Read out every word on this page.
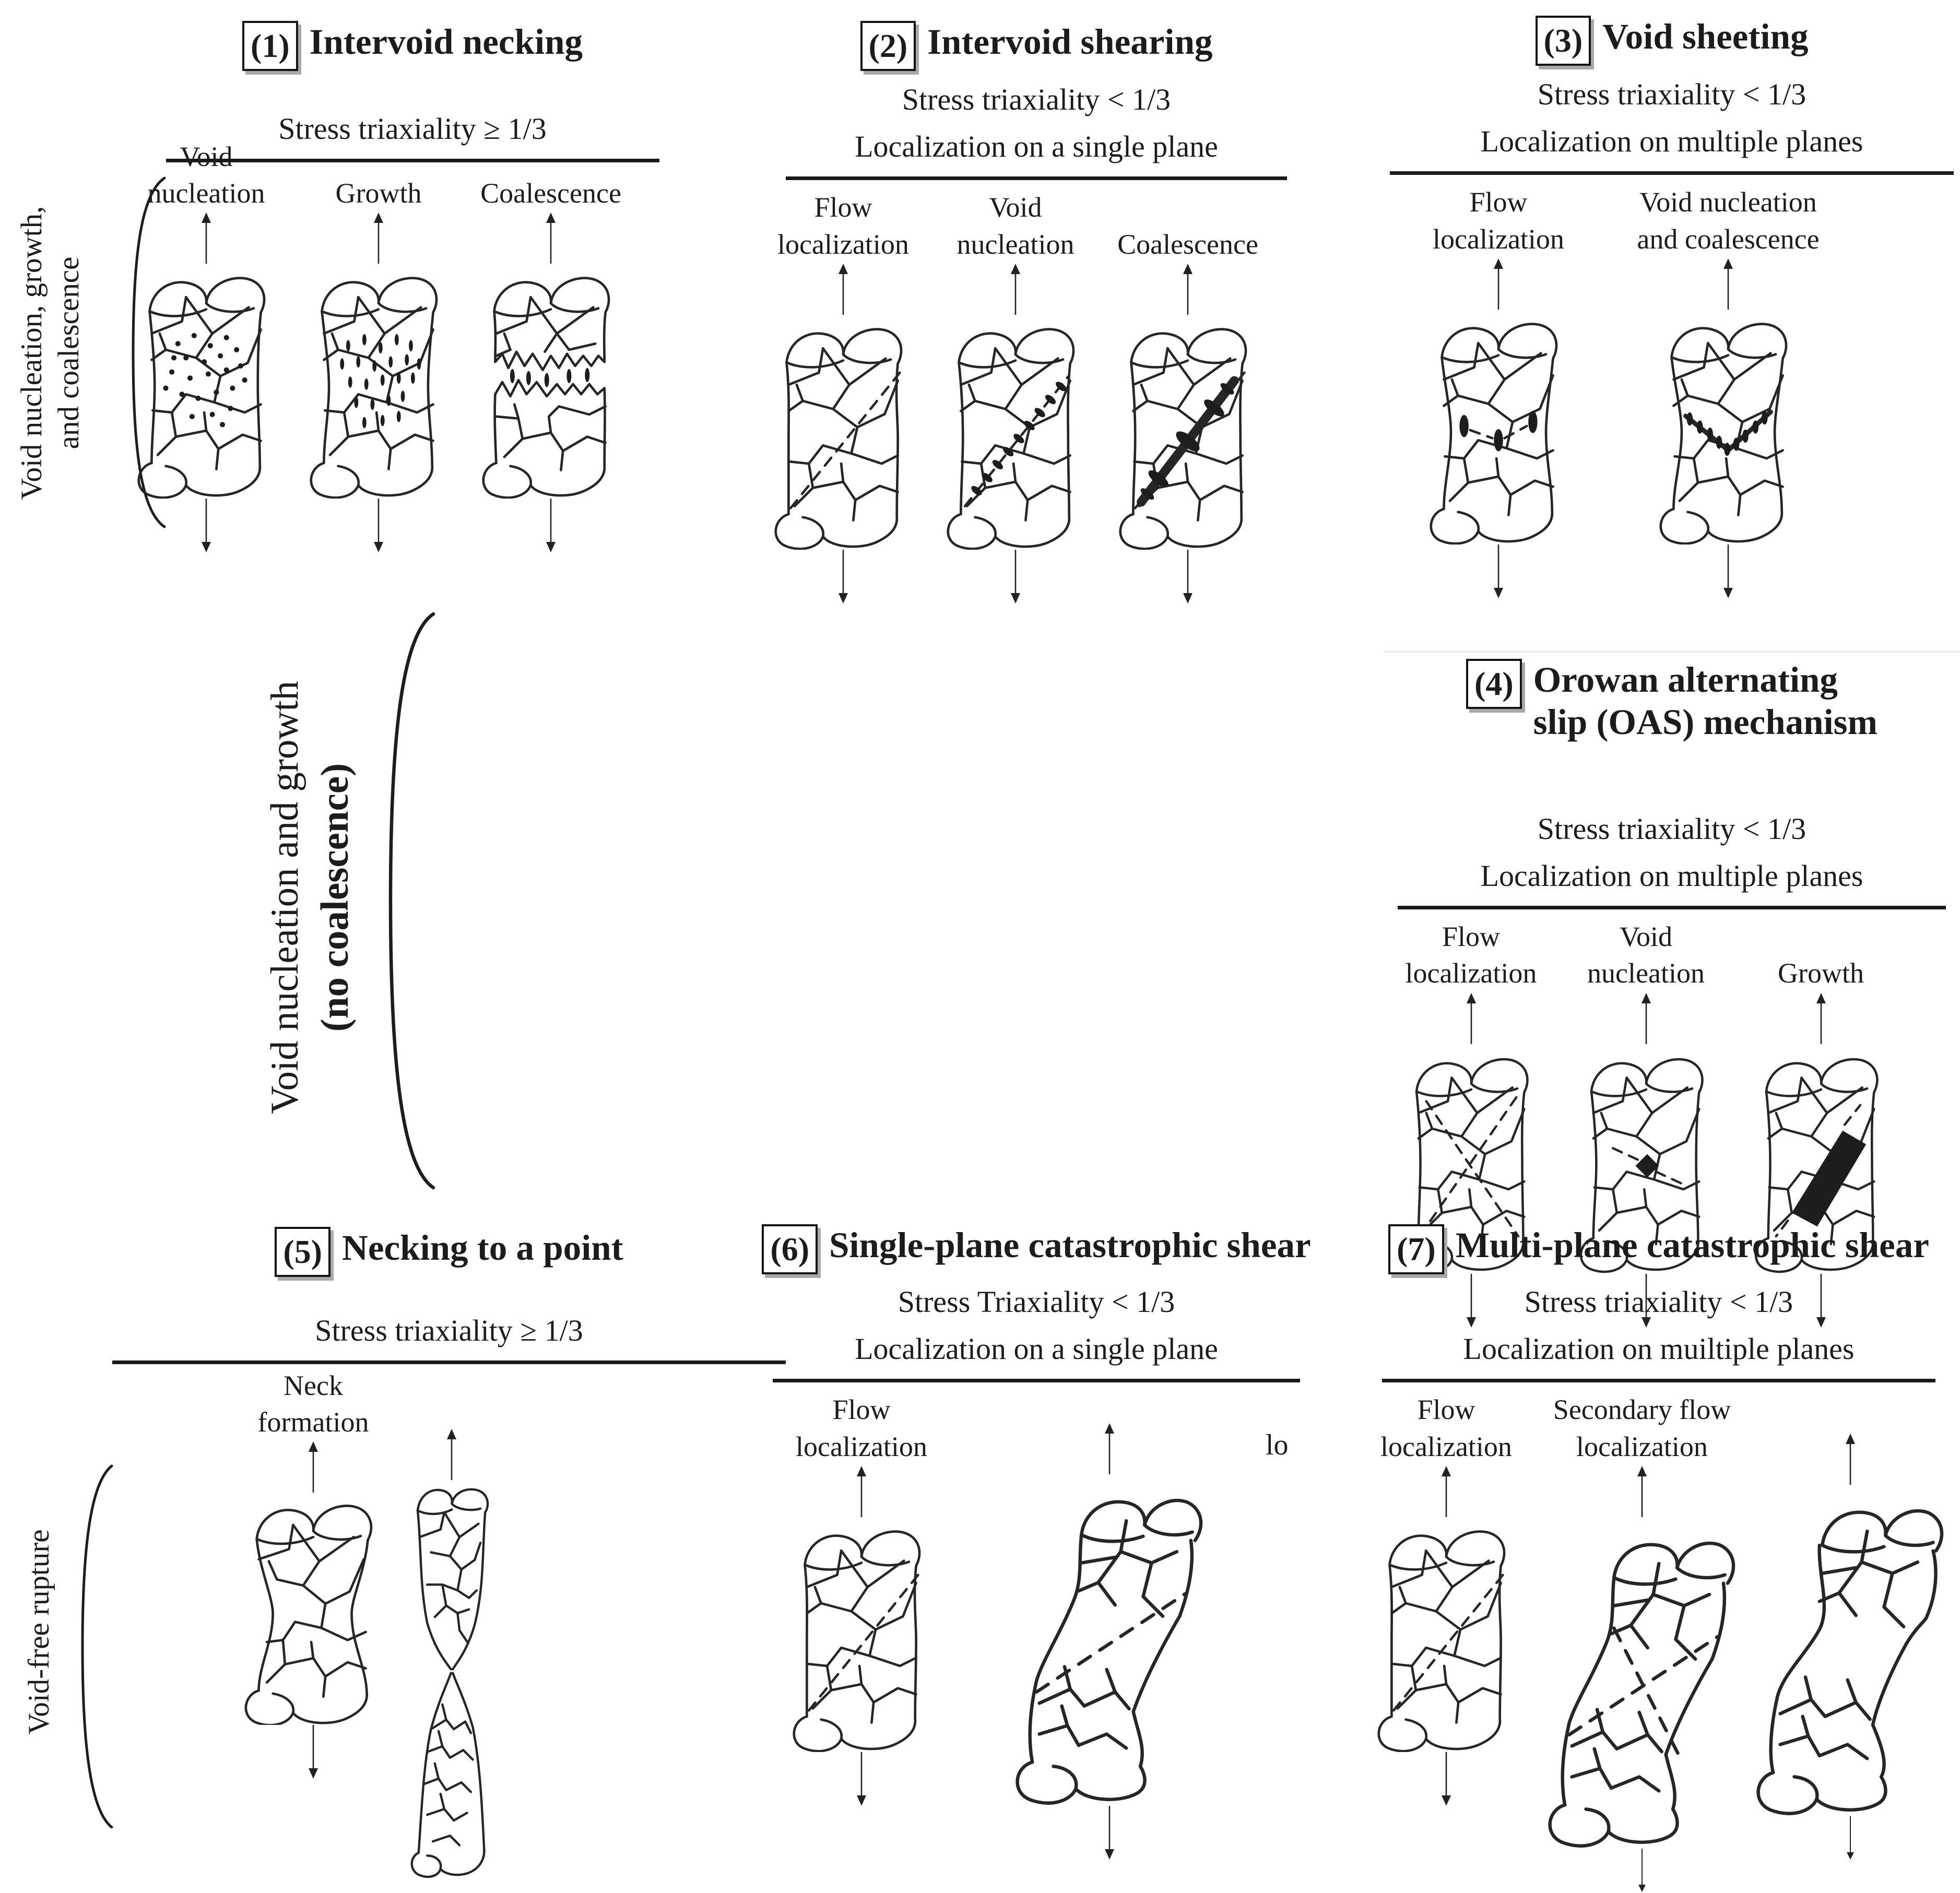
(1) Intervoid necking
Stress triaxiality ≥ 1/3
Void nucleation	Growth Coalescence
(2) Intervoid shearing
Stress triaxiality < 1/3
Localization on a single plane
Flow
localization
Void
nucleation Coalescence
(3) Void sheeting
Stress triaxiality < 1/3
Localization on multiple planes
Flow
localization
Void nucleation
and coalescence
(4) Orowan alternating
slip (OAS) mechanism
Stress triaxiality < 1/3
Localization on multiple planes
Flow
localization
Void
nucleation	Growth
(5) Necking to a point
Stress triaxiality ≥ 1/3
Neck
formation
(6) Single-plane catastrophic shear
Stress Triaxiality < 1/3
Localization on a single plane
Flow
localization
(7) Multi-plane catastrophic shear
Stress triaxiality < 1/3
Localization on muiltiple planes
Flow
localization
Secondary flow
localization
Void nucleation, growth, and coalescence
Void nucleation and growth (no coalescence)
Void-free rupture
lo
